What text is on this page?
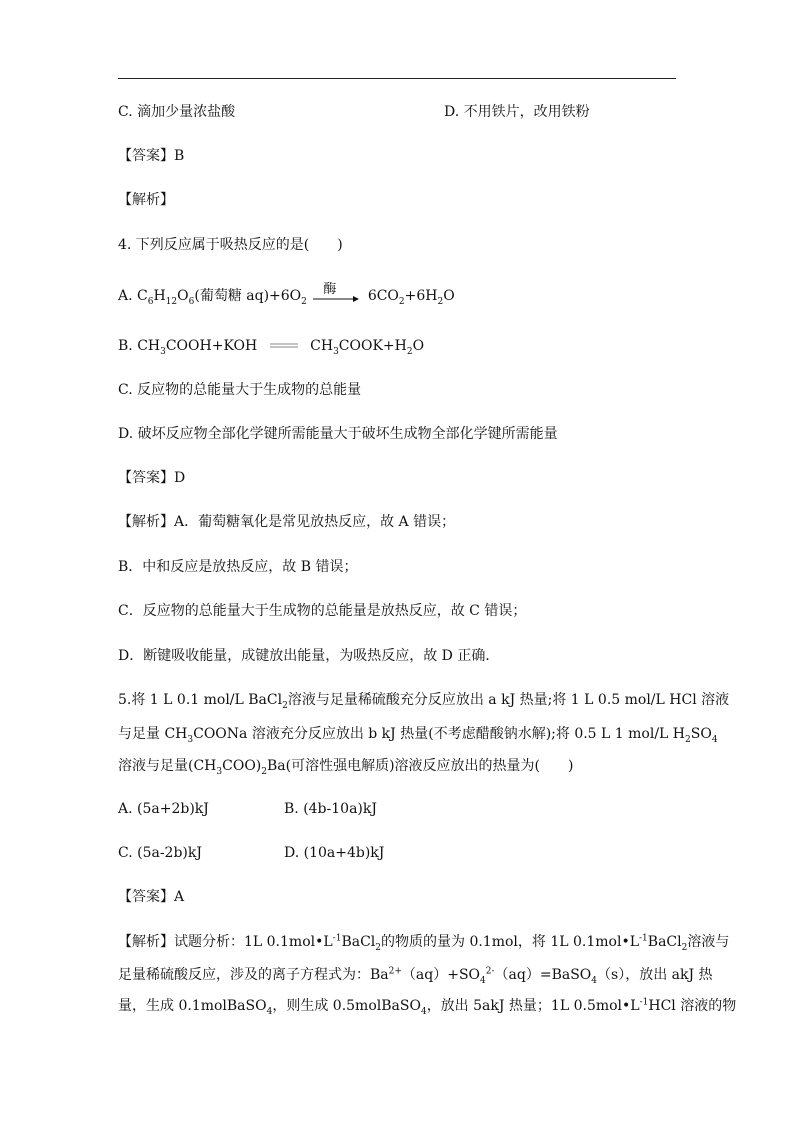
C. 滴加少量浓盐酸	D. 不用铁片，改用铁粉
【答案】B
【解析】
4. 下列反应属于吸热反应的是(　　)
A. $C_6H_{12}O_6$(葡萄糖 $aq)+6O_2$
酶 $6CO_2+6H_2O$
B. $CH_3COOH+KOH$	$CH_3COOK+H_2O$
C. 反应物的总能量大于生成物的总能量
D. 破坏反应物全部化学键所需能量大于破坏生成物全部化学键所需能量
【答案】D
【解析】A．葡萄糖氧化是常见放热反应，故 A 错误；
B．中和反应是放热反应，故 B 错误；
C．反应物的总能量大于生成物的总能量是放热反应，故 C 错误；
D．断键吸收能量，成键放出能量，为吸热反应，故 D 正确．
5.将 1 L 0.1 mol/L BaCl$_2$溶液与足量稀硫酸充分反应放出 a kJ 热量;将 1 L 0.5 mol/L HCl 溶液
与足量 $CH_3COONa$ 溶液充分反应放出 b kJ 热量(不考虑醋酸钠水解);将 0.5 L 1 mol/L $H_2SO_4$
溶液与足量$(CH_3COO)_2Ba$(可溶性强电解质)溶液反应放出的热量为(　　)
A. (5a+2b)kJ	B. (4b-10a)kJ
C. (5a-2b)kJ	D. (10a+4b)kJ
【答案】A
【解析】试题分析：1L $0.1mol•L^{-1}BaCl_2$的物质的量为 0.1mol，将 1L $0.1mol•L^{-1}BaCl_2$溶液与
足量稀硫酸反应，涉及的离子方程式为：$Ba^{2+}(aq)+SO_4^{2-}(aq)=BaSO_4(s)$，放出 akJ 热
量，生成 0.1molBaSO$_4$，则生成 0.5molBaSO$_4$，放出 5akJ 热量；1L $0.5mol•L^{-1}HCl$ 溶液的物
